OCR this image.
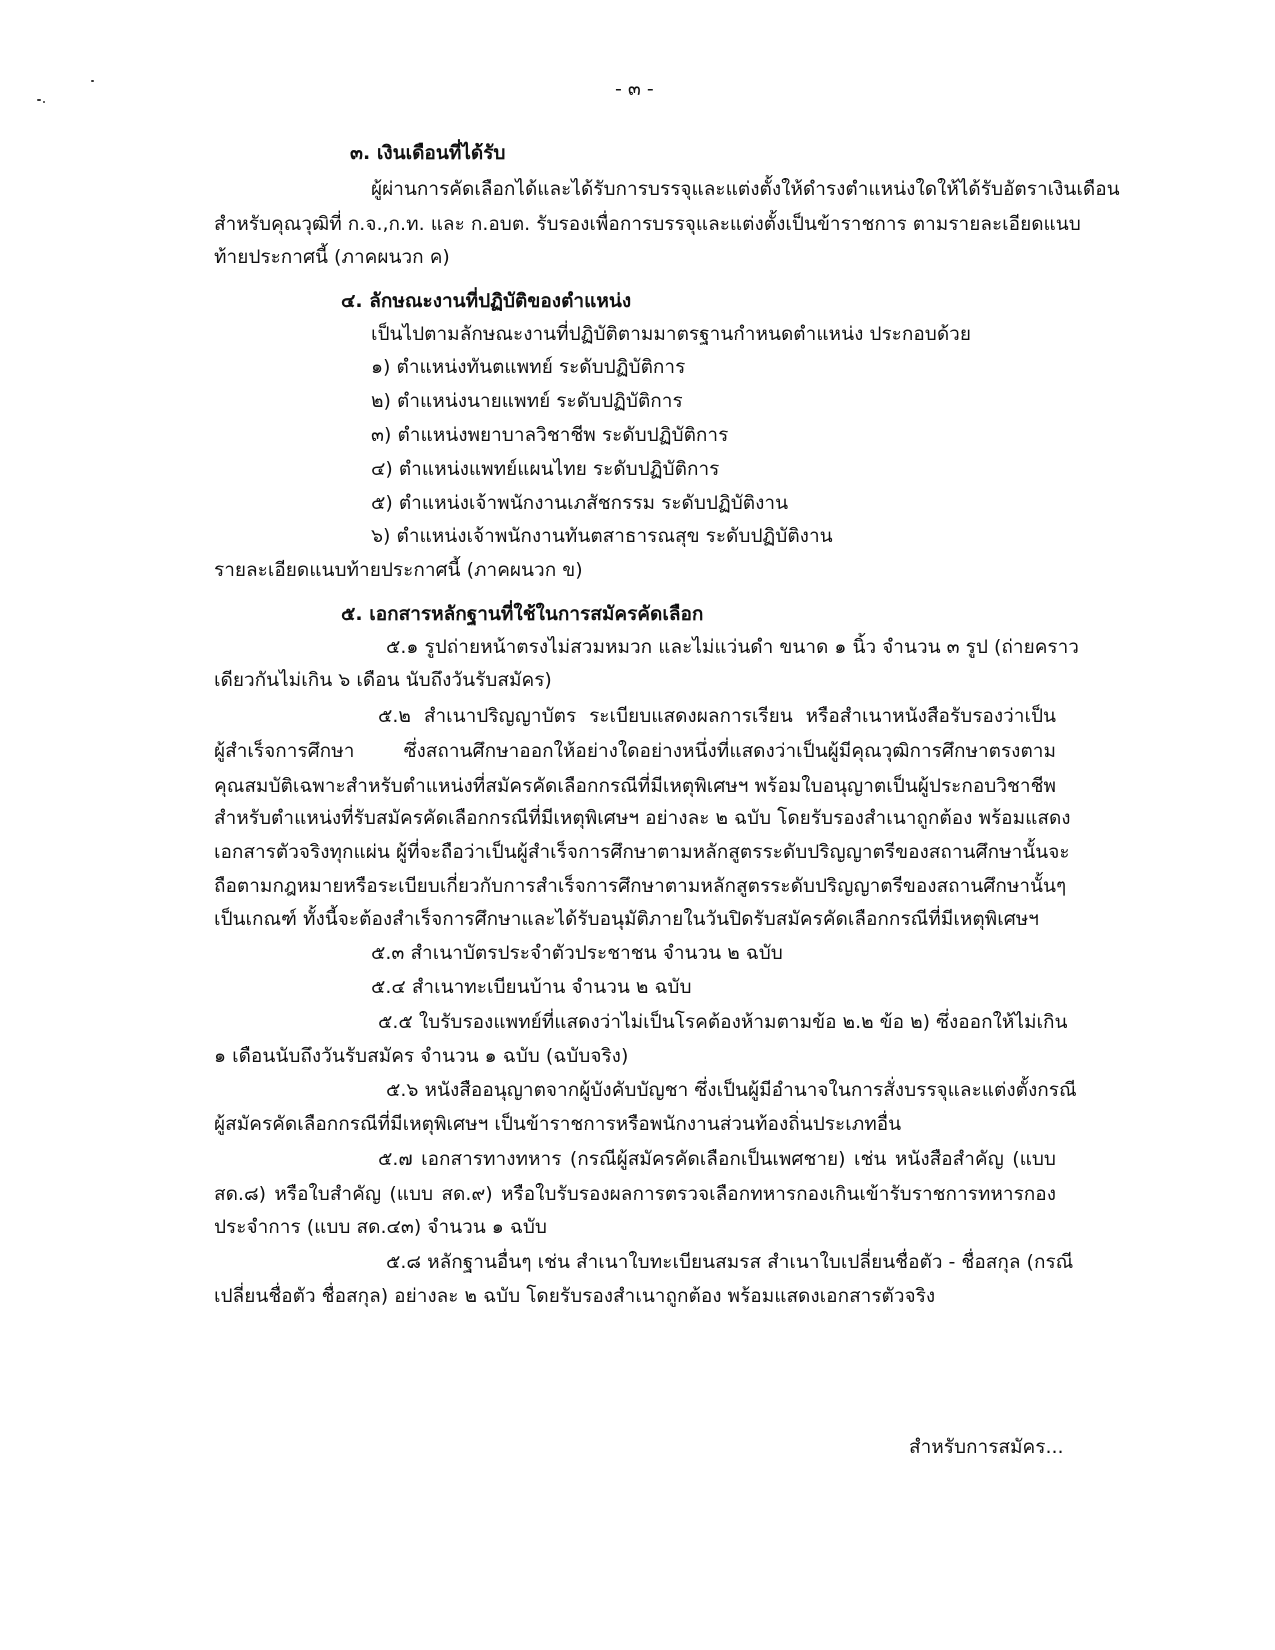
- ๓ -
๓. เงินเดือนที่ได้รับ
ผู้ผ่านการคัดเลือกได้และได้รับการบรรจุและแต่งตั้งให้ดำรงตำแหน่งใดให้ได้รับอัตราเงินเดือน
สำหรับคุณวุฒิที่ ก.จ.,ก.ท. และ ก.อบต. รับรองเพื่อการบรรจุและแต่งตั้งเป็นข้าราชการ ตามรายละเอียดแนบ
ท้ายประกาศนี้ (ภาคผนวก ค)
๔. ลักษณะงานที่ปฏิบัติของตำแหน่ง
เป็นไปตามลักษณะงานที่ปฏิบัติตามมาตรฐานกำหนดตำแหน่ง ประกอบด้วย
๑) ตำแหน่งทันตแพทย์ ระดับปฏิบัติการ
๒) ตำแหน่งนายแพทย์ ระดับปฏิบัติการ
๓) ตำแหน่งพยาบาลวิชาชีพ ระดับปฏิบัติการ
๔) ตำแหน่งแพทย์แผนไทย ระดับปฏิบัติการ
๕) ตำแหน่งเจ้าพนักงานเภสัชกรรม ระดับปฏิบัติงาน
๖) ตำแหน่งเจ้าพนักงานทันตสาธารณสุข ระดับปฏิบัติงาน
รายละเอียดแนบท้ายประกาศนี้ (ภาคผนวก ข)
๕. เอกสารหลักฐานที่ใช้ในการสมัครคัดเลือก
๕.๑ รูปถ่ายหน้าตรงไม่สวมหมวก และไม่แว่นดำ ขนาด ๑ นิ้ว จำนวน ๓ รูป (ถ่ายคราว
เดียวกันไม่เกิน ๖ เดือน นับถึงวันรับสมัคร)
๕.๒ สำเนาปริญญาบัตร ระเบียบแสดงผลการเรียน หรือสำเนาหนังสือรับรองว่าเป็น
ผู้สำเร็จการศึกษา ซึ่งสถานศึกษาออกให้อย่างใดอย่างหนึ่งที่แสดงว่าเป็นผู้มีคุณวุฒิการศึกษาตรงตาม
คุณสมบัติเฉพาะสำหรับตำแหน่งที่สมัครคัดเลือกกรณีที่มีเหตุพิเศษฯ พร้อมใบอนุญาตเป็นผู้ประกอบวิชาชีพ
สำหรับตำแหน่งที่รับสมัครคัดเลือกกรณีที่มีเหตุพิเศษฯ อย่างละ ๒ ฉบับ โดยรับรองสำเนาถูกต้อง พร้อมแสดง
เอกสารตัวจริงทุกแผ่น ผู้ที่จะถือว่าเป็นผู้สำเร็จการศึกษาตามหลักสูตรระดับปริญญาตรีของสถานศึกษานั้นจะ
ถือตามกฎหมายหรือระเบียบเกี่ยวกับการสำเร็จการศึกษาตามหลักสูตรระดับปริญญาตรีของสถานศึกษานั้นๆ
เป็นเกณฑ์ ทั้งนี้จะต้องสำเร็จการศึกษาและได้รับอนุมัติภายในวันปิดรับสมัครคัดเลือกกรณีที่มีเหตุพิเศษฯ
๕.๓ สำเนาบัตรประจำตัวประชาชน จำนวน ๒ ฉบับ
๕.๔ สำเนาทะเบียนบ้าน จำนวน ๒ ฉบับ
๕.๕ ใบรับรองแพทย์ที่แสดงว่าไม่เป็นโรคต้องห้ามตามข้อ ๒.๒ ข้อ ๒) ซึ่งออกให้ไม่เกิน
๑ เดือนนับถึงวันรับสมัคร จำนวน ๑ ฉบับ (ฉบับจริง)
๕.๖ หนังสืออนุญาตจากผู้บังคับบัญชา ซึ่งเป็นผู้มีอำนาจในการสั่งบรรจุและแต่งตั้งกรณี
ผู้สมัครคัดเลือกกรณีที่มีเหตุพิเศษฯ เป็นข้าราชการหรือพนักงานส่วนท้องถิ่นประเภทอื่น
๕.๗ เอกสารทางทหาร (กรณีผู้สมัครคัดเลือกเป็นเพศชาย) เช่น หนังสือสำคัญ (แบบ
สด.๘) หรือใบสำคัญ (แบบ สด.๙) หรือใบรับรองผลการตรวจเลือกทหารกองเกินเข้ารับราชการทหารกอง
ประจำการ (แบบ สด.๔๓) จำนวน ๑ ฉบับ
๕.๘ หลักฐานอื่นๆ เช่น สำเนาใบทะเบียนสมรส สำเนาใบเปลี่ยนชื่อตัว - ชื่อสกุล (กรณี
เปลี่ยนชื่อตัว ชื่อสกุล) อย่างละ ๒ ฉบับ โดยรับรองสำเนาถูกต้อง พร้อมแสดงเอกสารตัวจริง
สำหรับการสมัคร...
